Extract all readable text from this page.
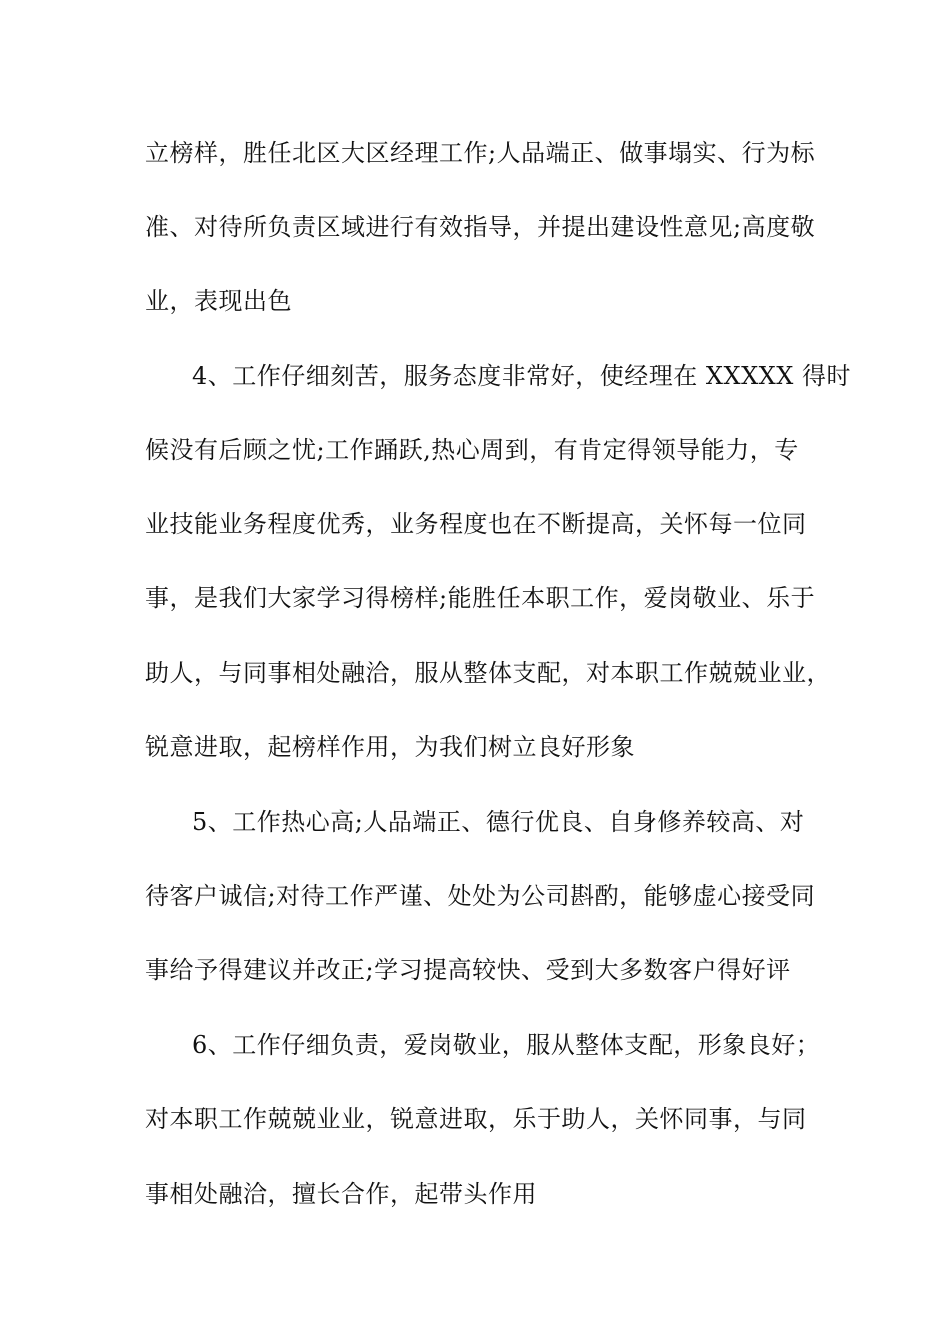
立榜样，胜任北区大区经理工作;人品端正、做事塌实、行为标
准、对待所负责区域进行有效指导，并提出建设性意见;高度敬
业，表现出色
4、工作仔细刻苦，服务态度非常好，使经理在 XXXXX 得时
候没有后顾之忧;工作踊跃,热心周到，有肯定得领导能力，专
业技能业务程度优秀，业务程度也在不断提高，关怀每一位同
事，是我们大家学习得榜样;能胜任本职工作，爱岗敬业、乐于
助人，与同事相处融洽，服从整体支配，对本职工作兢兢业业，
锐意进取，起榜样作用，为我们树立良好形象
5、工作热心高;人品端正、德行优良、自身修养较高、对
待客户诚信;对待工作严谨、处处为公司斟酌，能够虚心接受同
事给予得建议并改正;学习提高较快、受到大多数客户得好评
6、工作仔细负责，爱岗敬业，服从整体支配，形象良好；
对本职工作兢兢业业，锐意进取，乐于助人，关怀同事，与同
事相处融洽，擅长合作，起带头作用
